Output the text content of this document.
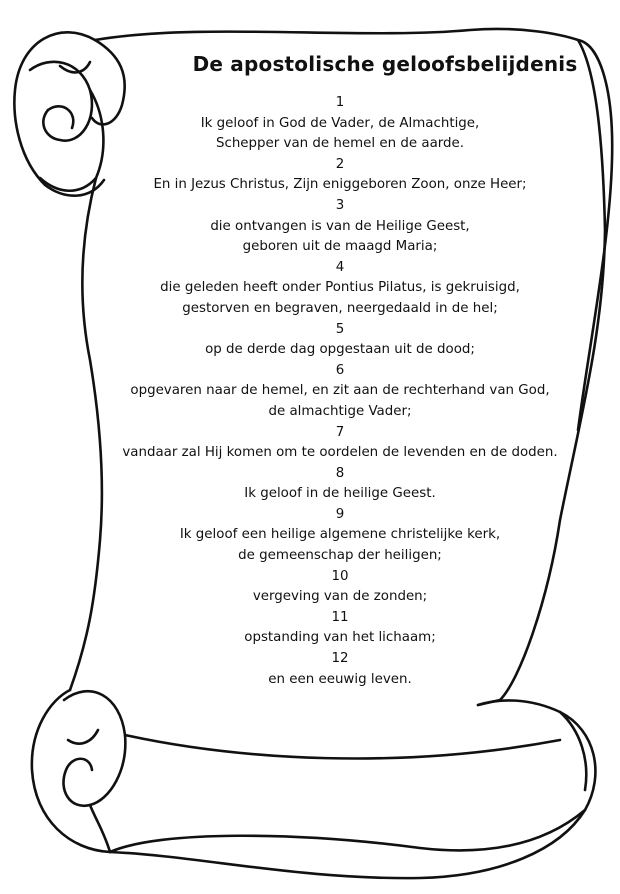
De apostolische geloofsbelijdenis
1
Ik geloof in God de Vader, de Almachtige,
Schepper van de hemel en de aarde.
2
En in Jezus Christus, Zijn eniggeboren Zoon, onze Heer;
3
die ontvangen is van de Heilige Geest,
geboren uit de maagd Maria;
4
die geleden heeft onder Pontius Pilatus, is gekruisigd,
gestorven en begraven, neergedaald in de hel;
5
op de derde dag opgestaan uit de dood;
6
opgevaren naar de hemel, en zit aan de rechterhand van God,
de almachtige Vader;
7
vandaar zal Hij komen om te oordelen de levenden en de doden.
8
Ik geloof in de heilige Geest.
9
Ik geloof een heilige algemene christelijke kerk,
de gemeenschap der heiligen;
10
vergeving van de zonden;
11
opstanding van het lichaam;
12
en een eeuwig leven.
